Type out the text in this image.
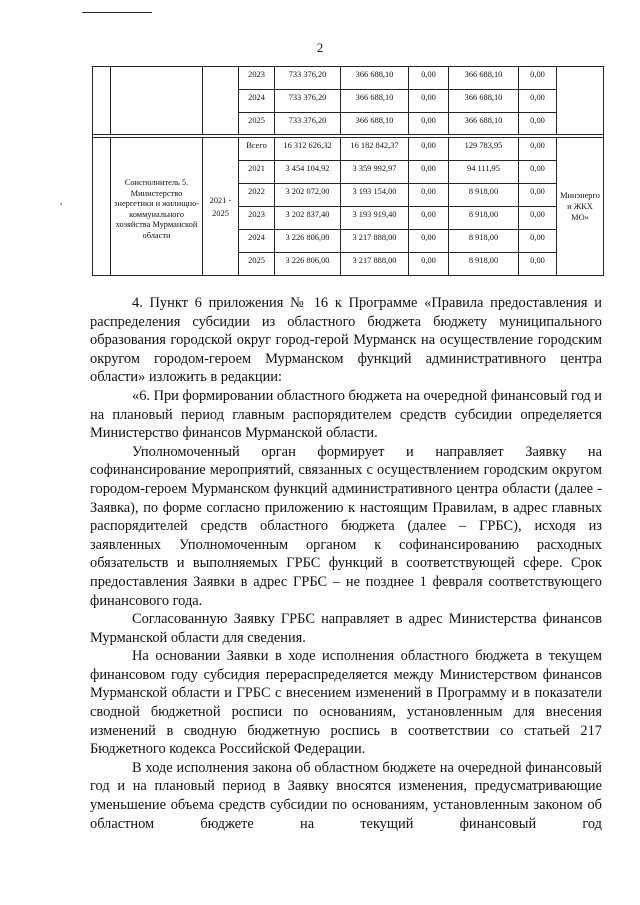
2
,
			2023	733 376,20	366 688,10	0,00	366 688,10	0,00	
			2024	733 376,20	366 688,10	0,00	366 688,10	0,00	
			2025	733 376,20	366 688,10	0,00	366 688,10	0,00	

	Соисполнитель 5. Министерство энергетики и жилищно-коммунального хозяйства Мурманской области	2021 - 2025	Всего	16 312 626,32	16 182 842,37	0,00	129 783,95	0,00	Минэнерго и ЖКХ МО»
			2021	3 454 104,92	3 359 992,97	0,00	94 111,95	0,00	
			2022	3 202 072,00	3 193 154,00	0,00	8 918,00	0,00	
			2023	3 202 837,40	3 193 919,40	0,00	8 918,00	0,00	
			2024	3 226 806,00	3 217 888,00	0,00	8 918,00	0,00	
			2025	3 226 806,00	3 217 888,00	0,00	8 918,00	0,00	

4. Пункт 6 приложения № 16 к Программе «Правила предоставления и распределения субсидии из областного бюджета бюджету муниципального образования городской округ город-герой Мурманск на осуществление городским округом городом-героем Мурманском функций административного центра области» изложить в редакции:

«6. При формировании областного бюджета на очередной финансовый год и на плановый период главным распорядителем средств субсидии определяется Министерство финансов Мурманской области.

Уполномоченный орган формирует и направляет Заявку на софинансирование мероприятий, связанных с осуществлением городским округом городом-героем Мурманском функций административного центра области (далее - Заявка), по форме согласно приложению к настоящим Правилам, в адрес главных распорядителей средств областного бюджета (далее – ГРБС), исходя из заявленных Уполномоченным органом к софинансированию расходных обязательств и выполняемых ГРБС функций в соответствующей сфере. Срок предоставления Заявки в адрес ГРБС – не позднее 1 февраля соответствующего финансового года.

Согласованную Заявку ГРБС направляет в адрес Министерства финансов Мурманской области для сведения.

На основании Заявки в ходе исполнения областного бюджета в текущем финансовом году субсидия перераспределяется между Министерством финансов Мурманской области и ГРБС с внесением изменений в Программу и в показатели сводной бюджетной росписи по основаниям, установленным для внесения изменений в сводную бюджетную роспись в соответствии со статьей 217 Бюджетного кодекса Российской Федерации.

В ходе исполнения закона об областном бюджете на очередной финансовый год и на плановый период в Заявку вносятся изменения, предусматривающие уменьшение объема средств субсидии по основаниям, установленным законом об областном бюджете на текущий финансовый год
